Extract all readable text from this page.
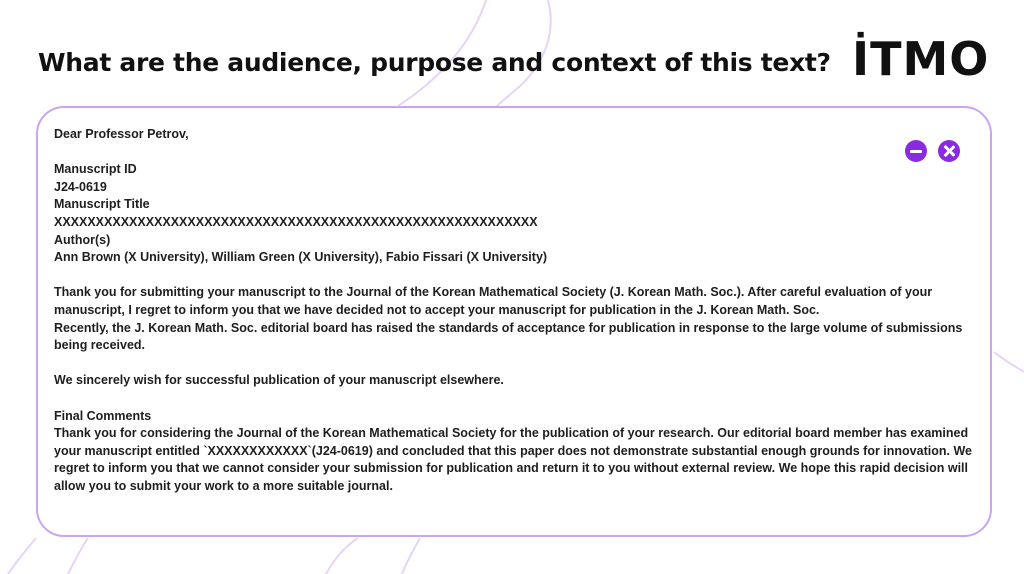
What are the audience, purpose and context of this text? İTMO

Dear Professor Petrov,

Manuscript ID

J24-0619

Manuscript Title

XXXXXXXXXXXXXXXXXXXXXXXXXXXXXXXXXXXXXXXXXXXXXXXXXXXXXXXXXX

Author(s)

Ann Brown (X University), William Green (X University), Fabio Fissari (X University)

Thank you for submitting your manuscript to the Journal of the Korean Mathematical Society (J. Korean Math. Soc.). After careful evaluation of your manuscript, I regret to inform you that we have decided not to accept your manuscript for publication in the J. Korean Math. Soc.

Recently, the J. Korean Math. Soc. editorial board has raised the standards of acceptance for publication in response to the large volume of submissions being received.

We sincerely wish for successful publication of your manuscript elsewhere.

Final Comments

Thank you for considering the Journal of the Korean Mathematical Society for the publication of your research. Our editorial board member has examined your manuscript entitled `XXXXXXXXXXXX`(J24-0619) and concluded that this paper does not demonstrate substantial enough grounds for innovation. We regret to inform you that we cannot consider your submission for publication and return it to you without external review. We hope this rapid decision will allow you to submit your work to a more suitable journal.
